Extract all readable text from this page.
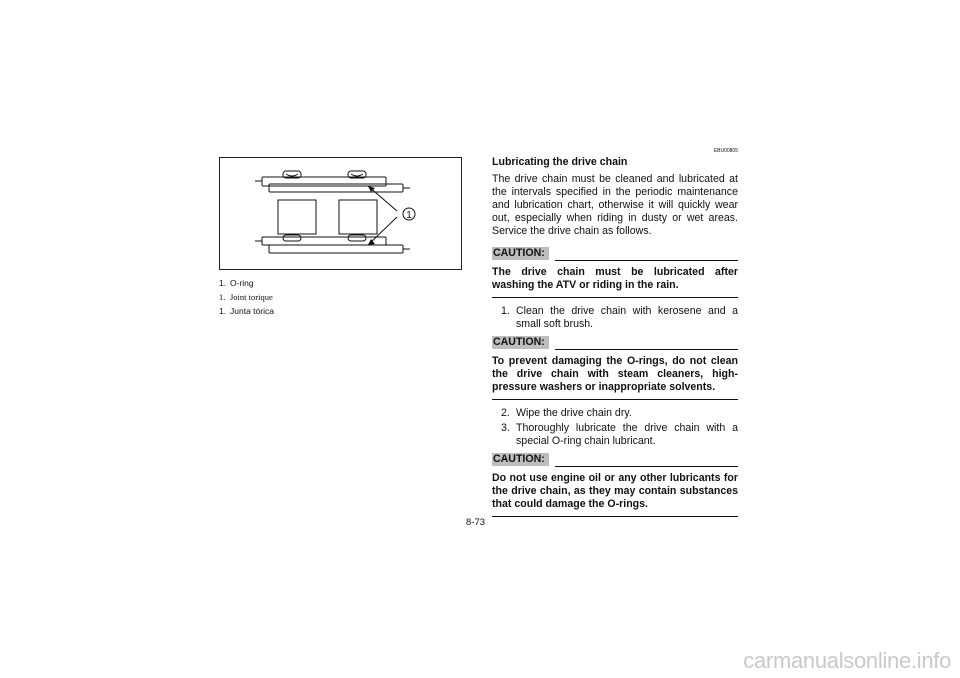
1
1. O-ring
1. Joint torique
1. Junta tórica
EBU00805
Lubricating the drive chain
The drive chain must be cleaned and lubricated at the intervals specified in the periodic maintenance and lubrication chart, otherwise it will quickly wear out, especially when riding in dusty or wet areas. Service the drive chain as follows.
CAUTION:
The drive chain must be lubricated after washing the ATV or riding in the rain.
1. Clean the drive chain with kerosene and a small soft brush.
CAUTION:
To prevent damaging the O-rings, do not clean the drive chain with steam cleaners, high-pressure washers or inappropriate solvents.
2. Wipe the drive chain dry.
3. Thoroughly lubricate the drive chain with a special O-ring chain lubricant.
CAUTION:
Do not use engine oil or any other lubricants for the drive chain, as they may contain substances that could damage the O-rings.
8-73
carmanualsonline.info
